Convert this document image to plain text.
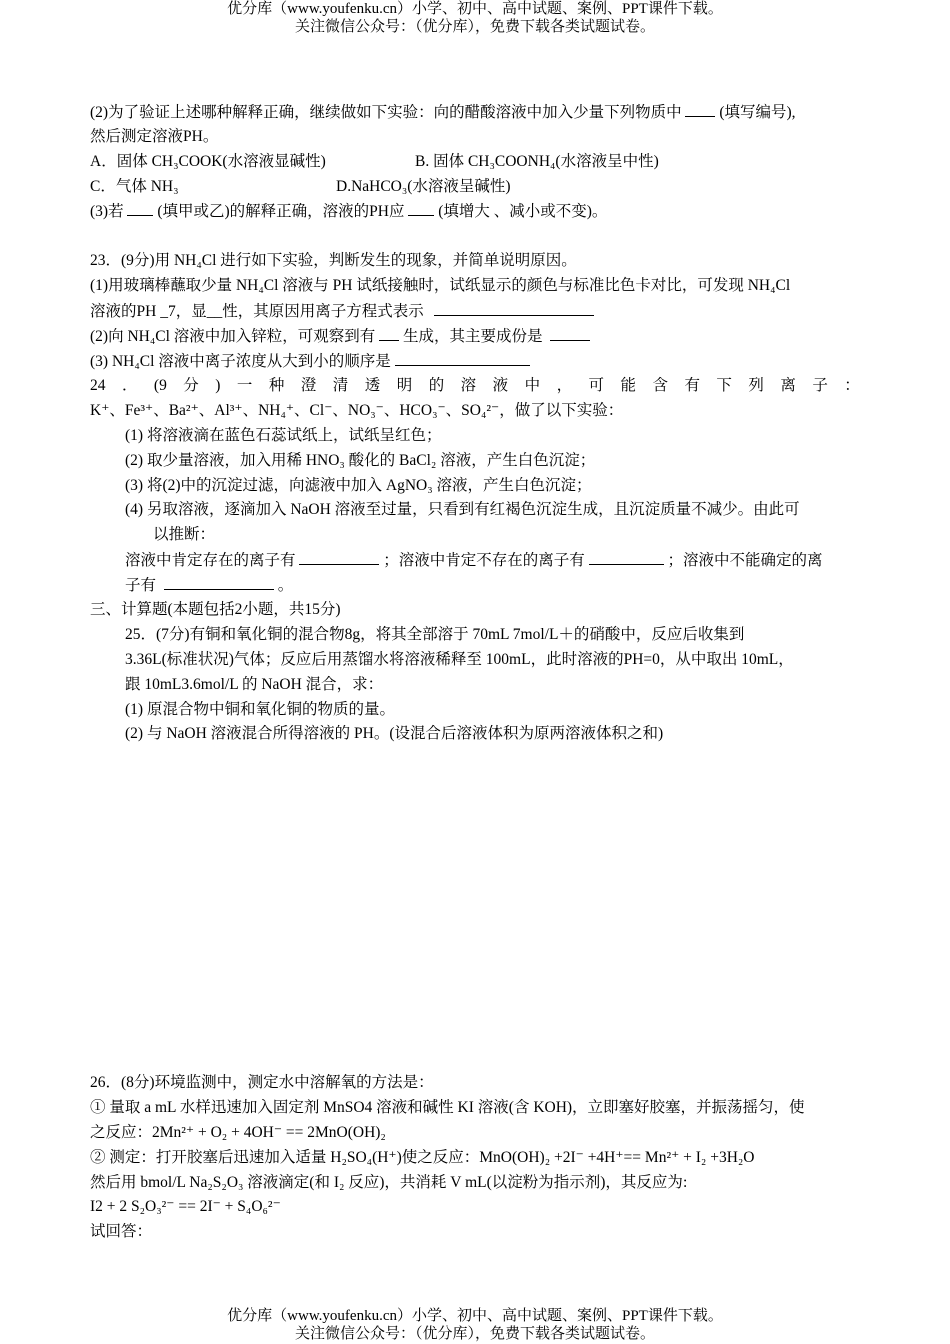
优分库（www.youfenku.cn）小学、初中、高中试题、案例、PPT课件下载。
关注微信公众号：（优分库），免费下载各类试题试卷。
(2)为了验证上述哪种解释正确，继续做如下实验：向的醋酸溶液中加入少量下列物质中 (填写编号),
然后测定溶液PH。
A．固体 CH₃COOK(水溶液显碱性)	B. 固体 CH₃COONH₄(水溶液呈中性)
C．气体 NH₃	D.NaHCO₃(水溶液呈碱性)
(3)若 (填甲或乙)的解释正确，溶液的PH应 (填增大 、减小或不变)。
23．(9分)用 NH₄Cl 进行如下实验，判断发生的现象，并简单说明原因。
(1)用玻璃棒蘸取少量 NH₄Cl 溶液与 PH 试纸接触时，试纸显示的颜色与标准比色卡对比，可发现 NH₄Cl
溶液的PH _7，显__性，其原因用离子方程式表示
(2)向 NH₄Cl 溶液中加入锌粒，可观察到有 生成，其主要成份是
(3) NH₄Cl 溶液中离子浓度从大到小的顺序是
24 ． (9 分 ) 一 种 澄 清 透 明 的 溶 液 中 ， 可 能 含 有 下 列 离 子 ：
K⁺、Fe³⁺、Ba²⁺、Al³⁺、NH₄⁺、Cl⁻、NO₃⁻、HCO₃⁻、SO₄²⁻，做了以下实验：
(1) 将溶液滴在蓝色石蕊试纸上，试纸呈红色；
(2) 取少量溶液，加入用稀 HNO₃ 酸化的 BaCl₂ 溶液，产生白色沉淀；
(3) 将(2)中的沉淀过滤，向滤液中加入 AgNO₃ 溶液，产生白色沉淀；
(4) 另取溶液，逐滴加入 NaOH 溶液至过量，只看到有红褐色沉淀生成，且沉淀质量不减少。由此可
以推断：
溶液中肯定存在的离子有	；溶液中肯定不存在的离子有	；溶液中不能确定的离
子有	。
三、计算题(本题包括2小题，共15分)
25．(7分)有铜和氧化铜的混合物8g，将其全部溶于 70mL 7mol/L＋的硝酸中，反应后收集到
3.36L(标准状况)气体；反应后用蒸馏水将溶液稀释至 100mL，此时溶液的PH=0，从中取出 10mL，
跟 10mL3.6mol/L 的 NaOH 混合，求：
(1) 原混合物中铜和氧化铜的物质的量。
(2) 与 NaOH 溶液混合所得溶液的 PH。(设混合后溶液体积为原两溶液体积之和)
26．(8分)环境监测中，测定水中溶解氧的方法是：
① 量取 a mL 水样迅速加入固定剂 MnSO4 溶液和碱性 KI 溶液(含 KOH)，立即塞好胶塞，并振荡摇匀，使
之反应：2Mn²⁺ + O₂ + 4OH⁻ == 2MnO(OH)₂
② 测定：打开胶塞后迅速加入适量 H₂SO₄(H⁺)使之反应：MnO(OH)₂ +2I⁻ +4H⁺== Mn²⁺ + I₂ +3H₂O
然后用 bmol/L Na₂S₂O₃ 溶液滴定(和 I₂ 反应)，共消耗 V mL(以淀粉为指示剂)，其反应为:
I2 + 2 S₂O₃²⁻ == 2I⁻ + S₄O₆²⁻
试回答：
优分库（www.youfenku.cn）小学、初中、高中试题、案例、PPT课件下载。
关注微信公众号：（优分库），免费下载各类试题试卷。
